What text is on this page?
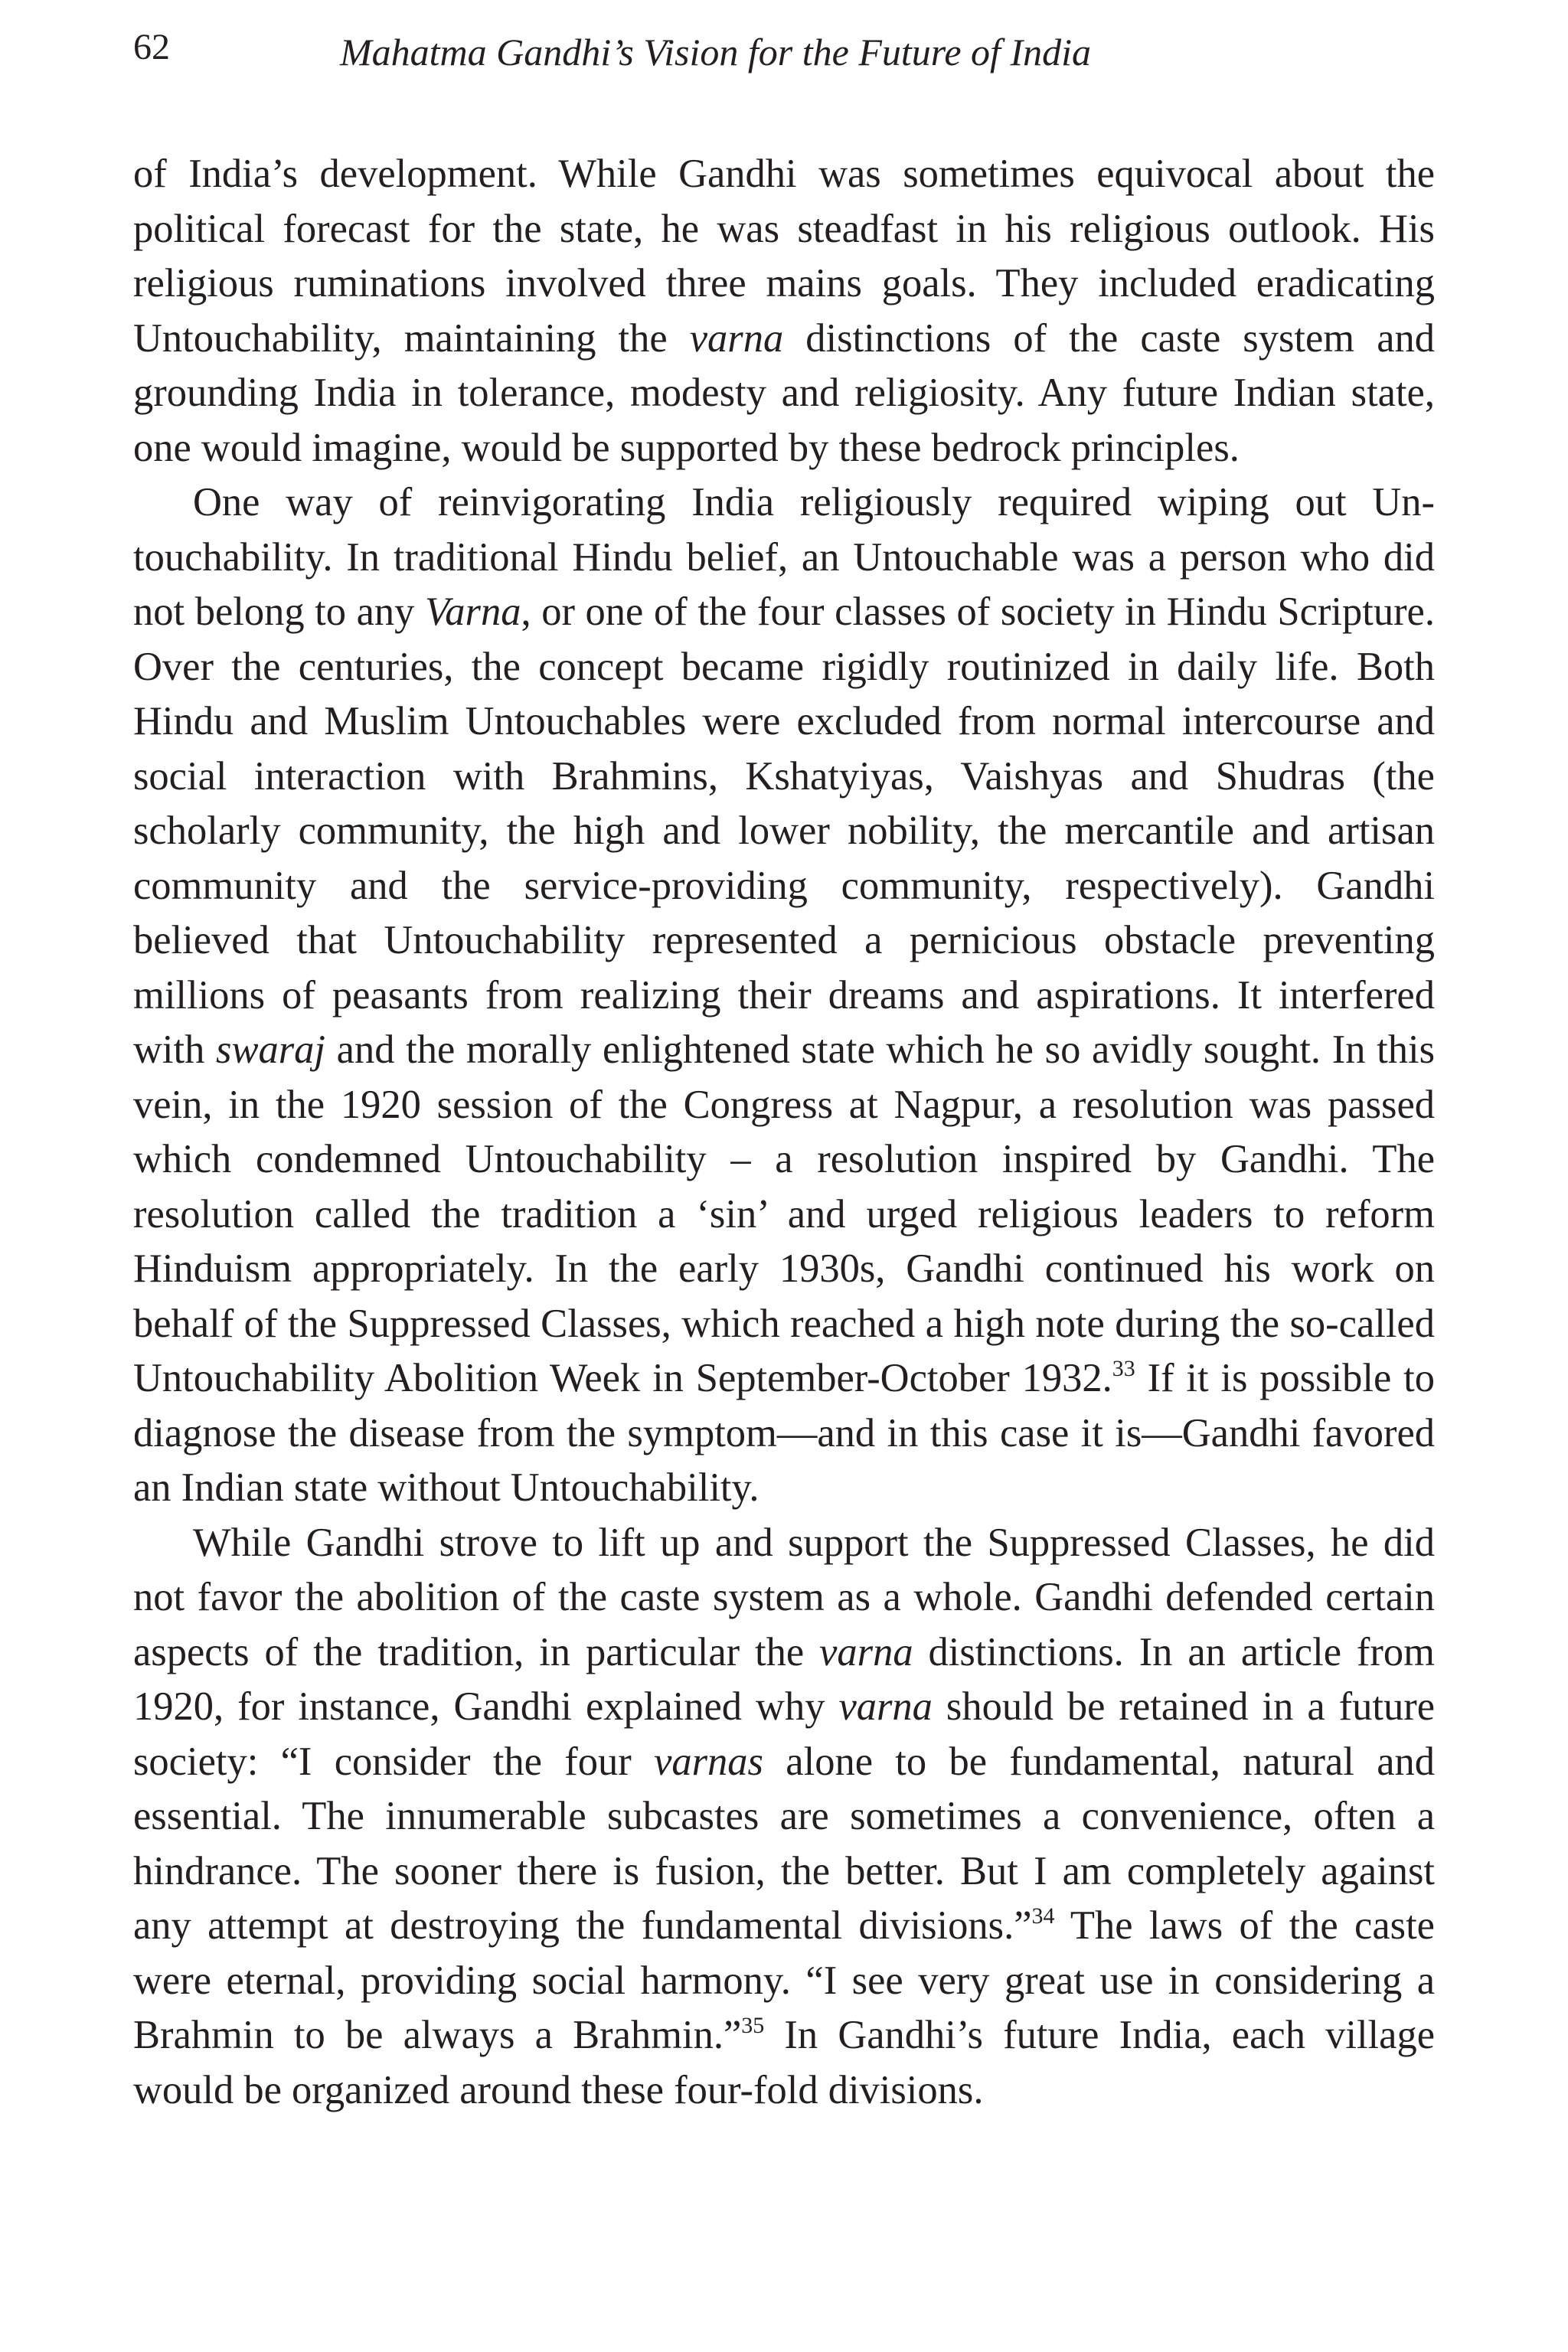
62	Mahatma Gandhi’s Vision for the Future of India

of India’s development. While Gandhi was sometimes equivocal about the political forecast for the state, he was steadfast in his religious outlook. His religious ruminations involved three mains goals. They included eradicating Untouchability, maintaining the varna distinctions of the caste system and grounding India in tolerance, modesty and religiosity. Any future Indian state, one would imagine, would be supported by these bedrock principles.

One way of reinvigorating India religiously required wiping out Untouchability. In traditional Hindu belief, an Untouchable was a person who did not belong to any Varna, or one of the four classes of society in Hindu Scripture. Over the centuries, the concept became rigidly routinized in daily life. Both Hindu and Muslim Untouchables were excluded from normal intercourse and social interaction with Brahmins, Kshatyiyas, Vaishyas and Shudras (the scholarly community, the high and lower nobility, the mercantile and artisan community and the service-providing community, respectively). Gandhi believed that Untouchability represented a pernicious obstacle preventing millions of peasants from realizing their dreams and aspirations. It interfered with swaraj and the morally enlightened state which he so avidly sought. In this vein, in the 1920 session of the Congress at Nagpur, a resolution was passed which condemned Untouchability – a resolution inspired by Gandhi. The resolution called the tradition a ‘sin’ and urged religious leaders to reform Hinduism appropriately. In the early 1930s, Gandhi continued his work on behalf of the Suppressed Classes, which reached a high note during the so-called Untouchability Abolition Week in September-October 1932.33 If it is possible to diagnose the disease from the symptom—and in this case it is—Gandhi favored an Indian state without Untouchability.

While Gandhi strove to lift up and support the Suppressed Classes, he did not favor the abolition of the caste system as a whole. Gandhi defended certain aspects of the tradition, in particular the varna distinctions. In an article from 1920, for instance, Gandhi explained why varna should be retained in a future society: “I consider the four varnas alone to be fundamental, natural and essential. The innumerable subcastes are sometimes a convenience, often a hindrance. The sooner there is fusion, the better. But I am completely against any attempt at destroying the fundamental divisions.”$^{34}$ The laws of the caste were eternal, providing social harmony. “I see very great use in considering a Brahmin to be always a Brahmin.”$^{35}$ In Gandhi’s future India, each village would be organized around these four-fold divisions.
